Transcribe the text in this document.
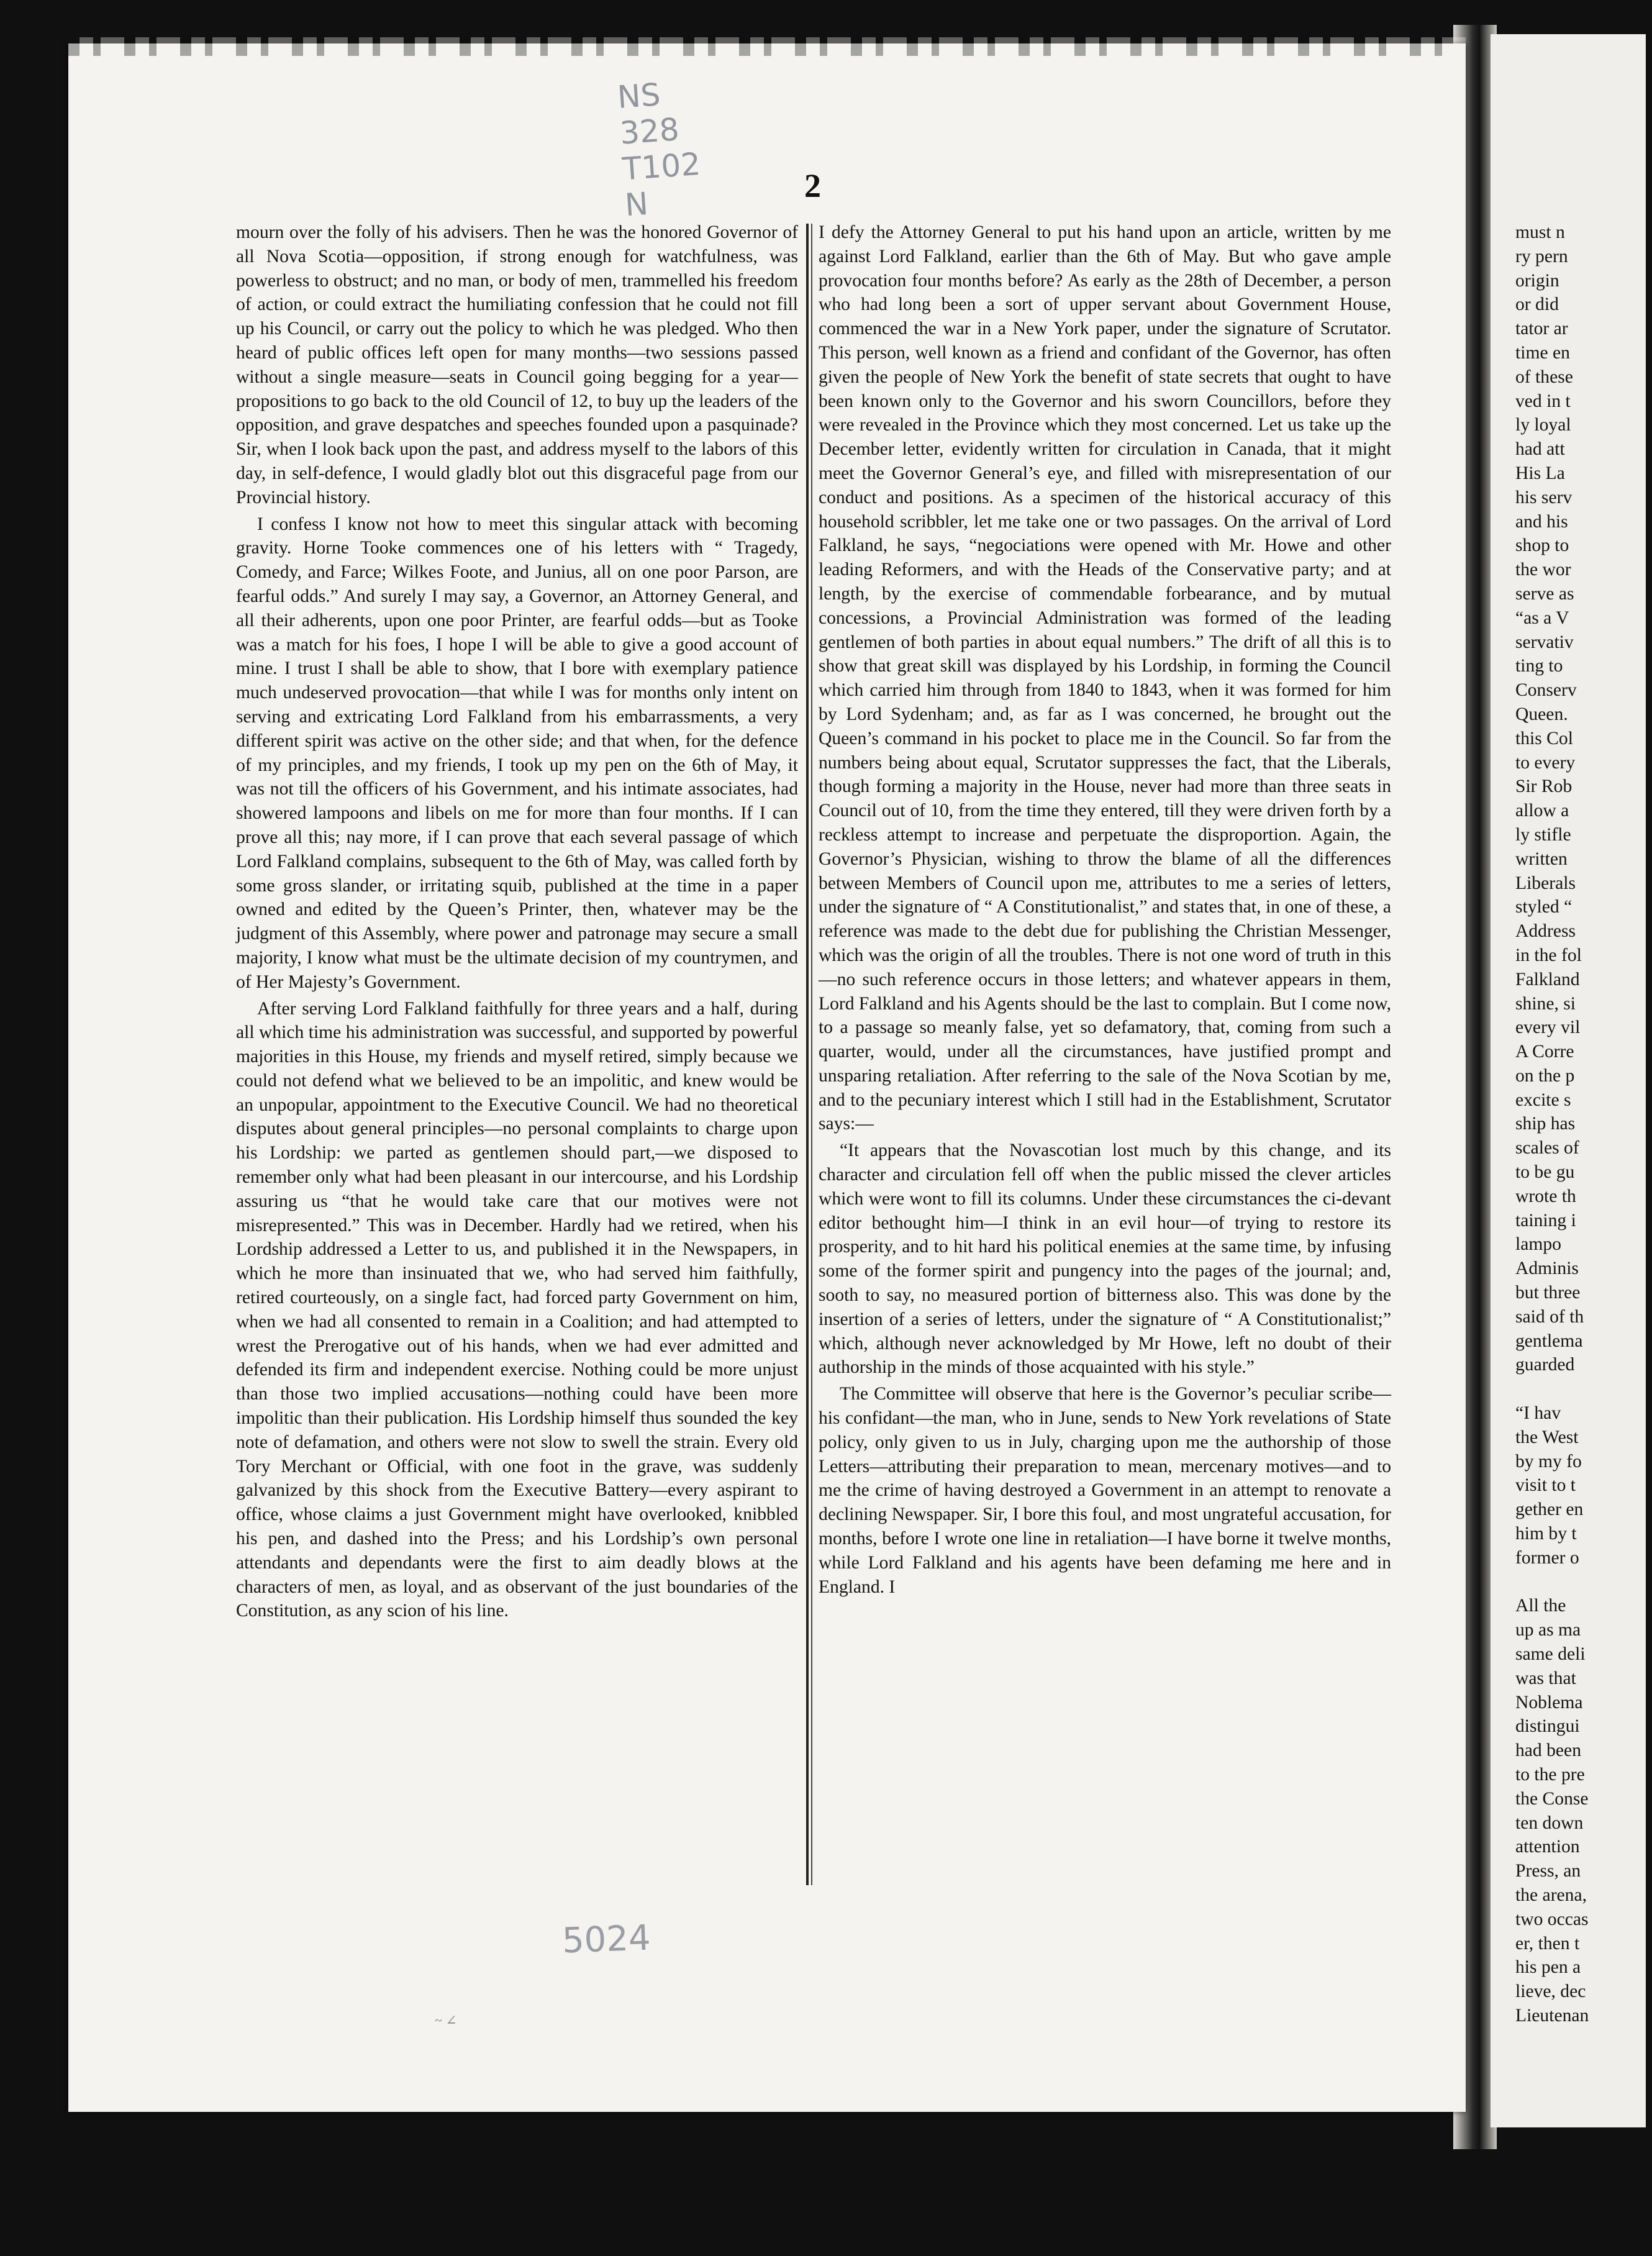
NS
328
T102
N	2

mourn over the folly of his advisers. Then he was the honored Governor of all Nova Scotia—opposition, if strong enough for watchfulness, was powerless to obstruct; and no man, or body of men, trammelled his freedom of action, or could extract the humiliating confession that he could not fill up his Council, or carry out the policy to which he was pledged. Who then heard of public offices left open for many months—two sessions passed without a single measure—seats in Council going begging for a year—propositions to go back to the old Council of 12, to buy up the leaders of the opposition, and grave despatches and speeches founded upon a pasquinade? Sir, when I look back upon the past, and address myself to the labors of this day, in self-defence, I would gladly blot out this disgraceful page from our Provincial history.

I confess I know not how to meet this singular attack with becoming gravity. Horne Tooke commences one of his letters with “ Tragedy, Comedy, and Farce; Wilkes Foote, and Junius, all on one poor Parson, are fearful odds.” And surely I may say, a Governor, an Attorney General, and all their adherents, upon one poor Printer, are fearful odds—but as Tooke was a match for his foes, I hope I will be able to give a good account of mine. I trust I shall be able to show, that I bore with exemplary patience much undeserved provocation—that while I was for months only intent on serving and extricating Lord Falkland from his embarrassments, a very different spirit was active on the other side; and that when, for the defence of my principles, and my friends, I took up my pen on the 6th of May, it was not till the officers of his Government, and his intimate associates, had showered lampoons and libels on me for more than four months. If I can prove all this; nay more, if I can prove that each several passage of which Lord Falkland complains, subsequent to the 6th of May, was called forth by some gross slander, or irritating squib, published at the time in a paper owned and edited by the Queen’s Printer, then, whatever may be the judgment of this Assembly, where power and patronage may secure a small majority, I know what must be the ultimate decision of my countrymen, and of Her Majesty’s Government.

After serving Lord Falkland faithfully for three years and a half, during all which time his administration was successful, and supported by powerful majorities in this House, my friends and myself retired, simply because we could not defend what we believed to be an impolitic, and knew would be an unpopular, appointment to the Executive Council. We had no theoretical disputes about general principles—no personal complaints to charge upon his Lordship: we parted as gentlemen should part,—we disposed to remember only what had been pleasant in our intercourse, and his Lordship assuring us “that he would take care that our motives were not misrepresented.” This was in December. Hardly had we retired, when his Lordship addressed a Letter to us, and published it in the Newspapers, in which he more than insinuated that we, who had served him faithfully, retired courteously, on a single fact, had forced party Government on him, when we had all consented to remain in a Coalition; and had attempted to wrest the Prerogative out of his hands, when we had ever admitted and defended its firm and independent exercise. Nothing could be more unjust than those two implied accusations—nothing could have been more impolitic than their publication. His Lordship himself thus sounded the key note of defamation, and others were not slow to swell the strain. Every old Tory Merchant or Official, with one foot in the grave, was suddenly galvanized by this shock from the Executive Battery—every aspirant to office, whose claims a just Government might have overlooked, knibbled his pen, and dashed into the Press; and his Lordship’s own personal attendants and dependants were the first to aim deadly blows at the characters of men, as loyal, and as observant of the just boundaries of the Constitution, as any scion of his line.

I defy the Attorney General to put his hand upon an article, written by me against Lord Falkland, earlier than the 6th of May. But who gave ample provocation four months before? As early as the 28th of December, a person who had long been a sort of upper servant about Government House, commenced the war in a New York paper, under the signature of Scrutator. This person, well known as a friend and confidant of the Governor, has often given the people of New York the benefit of state secrets that ought to have been known only to the Governor and his sworn Councillors, before they were revealed in the Province which they most concerned. Let us take up the December letter, evidently written for circulation in Canada, that it might meet the Governor General’s eye, and filled with misrepresentation of our conduct and positions. As a specimen of the historical accuracy of this household scribbler, let me take one or two passages. On the arrival of Lord Falkland, he says, “negociations were opened with Mr. Howe and other leading Reformers, and with the Heads of the Conservative party; and at length, by the exercise of commendable forbearance, and by mutual concessions, a Provincial Administration was formed of the leading gentlemen of both parties in about equal numbers.” The drift of all this is to show that great skill was displayed by his Lordship, in forming the Council which carried him through from 1840 to 1843, when it was formed for him by Lord Sydenham; and, as far as I was concerned, he brought out the Queen’s command in his pocket to place me in the Council. So far from the numbers being about equal, Scrutator suppresses the fact, that the Liberals, though forming a majority in the House, never had more than three seats in Council out of 10, from the time they entered, till they were driven forth by a reckless attempt to increase and perpetuate the disproportion. Again, the Governor’s Physician, wishing to throw the blame of all the differences between Members of Council upon me, attributes to me a series of letters, under the signature of “ A Constitutionalist,” and states that, in one of these, a reference was made to the debt due for publishing the Christian Messenger, which was the origin of all the troubles. There is not one word of truth in this—no such reference occurs in those letters; and whatever appears in them, Lord Falkland and his Agents should be the last to complain. But I come now, to a passage so meanly false, yet so defamatory, that, coming from such a quarter, would, under all the circumstances, have justified prompt and unsparing retaliation. After referring to the sale of the Nova Scotian by me, and to the pecuniary interest which I still had in the Establishment, Scrutator says:—

“It appears that the Novascotian lost much by this change, and its character and circulation fell off when the public missed the clever articles which were wont to fill its columns. Under these circumstances the ci-devant editor bethought him—I think in an evil hour—of trying to restore its prosperity, and to hit hard his political enemies at the same time, by infusing some of the former spirit and pungency into the pages of the journal; and, sooth to say, no measured portion of bitterness also. This was done by the insertion of a series of letters, under the signature of “ A Constitutionalist;” which, although never acknowledged by Mr Howe, left no doubt of their authorship in the minds of those acquainted with his style.”

The Committee will observe that here is the Governor’s peculiar scribe—his confidant—the man, who in June, sends to New York revelations of State policy, only given to us in July, charging upon me the authorship of those Letters—attributing their preparation to mean, mercenary motives—and to me the crime of having destroyed a Government in an attempt to renovate a declining Newspaper. Sir, I bore this foul, and most ungrateful accusation, for months, before I wrote one line in retaliation—I have borne it twelve months, while Lord Falkland and his agents have been defaming me here and in England. I

5024
~ ∠
must n
ry pern
origin
or did
tator ar
time en
of these
ved in t
ly loyal
had att
His La
his serv
and his
shop to
the wor
serve as
“as a V
servativ
ting to
Conserv
Queen.
this Col
to every
Sir Rob
allow a
ly stifle
written
Liberals
styled “
Address
in the fol
Falkland
shine, si
every vil
A Corre
on the p
excite s
ship has
scales of
to be gu
wrote th
taining i
lampo
Adminis
but three
said of th
gentlema
guarded
“I hav
the West
by my fo
visit to t
gether en
him by t
former o
All the
up as ma
same deli
was that
Noblema
distingui
had been
to the pre
the Conse
ten down
attention
Press, an
the arena,
two occas
er, then t
his pen a
lieve, dec
Lieutenan
